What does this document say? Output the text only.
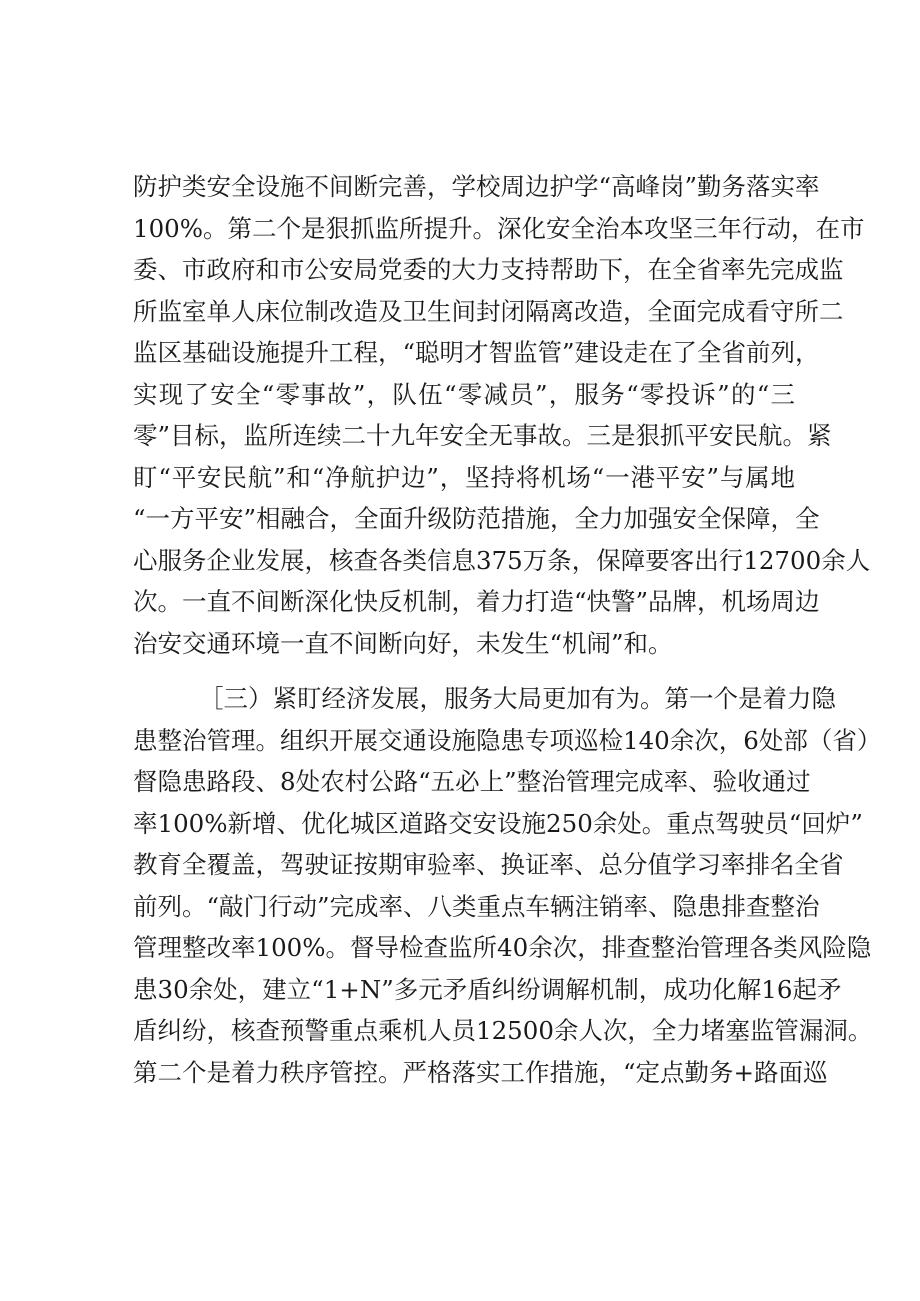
防护类安全设施不间断完善，学校周边护学“高峰岗”勤务落实率
100%。第二个是狠抓监所提升。深化安全治本攻坚三年行动，在市
委、市政府和市公安局党委的大力支持帮助下，在全省率先完成监
所监室单人床位制改造及卫生间封闭隔离改造，全面完成看守所二
监区基础设施提升工程，“聪明才智监管”建设走在了全省前列，
实现了安全“零事故”，队伍“零减员”，服务“零投诉”的“三
零”目标，监所连续二十九年安全无事故。三是狠抓平安民航。紧
盯“平安民航”和“净航护边”，坚持将机场“一港平安”与属地
“一方平安”相融合，全面升级防范措施，全力加强安全保障，全
心服务企业发展，核查各类信息375万条，保障要客出行12700余人
次。一直不间断深化快反机制，着力打造“快警”品牌，机场周边
治安交通环境一直不间断向好，未发生“机闹”和。
［三）紧盯经济发展，服务大局更加有为。第一个是着力隐
患整治管理。组织开展交通设施隐患专项巡检140余次，6处部（省）
督隐患路段、8处农村公路“五必上”整治管理完成率、验收通过
率100%新增、优化城区道路交安设施250余处。重点驾驶员“回炉”
教育全覆盖，驾驶证按期审验率、换证率、总分值学习率排名全省
前列。“敲门行动”完成率、八类重点车辆注销率、隐患排查整治
管理整改率100%。督导检查监所40余次，排查整治管理各类风险隐
患30余处，建立“1+N”多元矛盾纠纷调解机制，成功化解16起矛
盾纠纷，核查预警重点乘机人员12500余人次，全力堵塞监管漏洞。
第二个是着力秩序管控。严格落实工作措施，“定点勤务+路面巡
